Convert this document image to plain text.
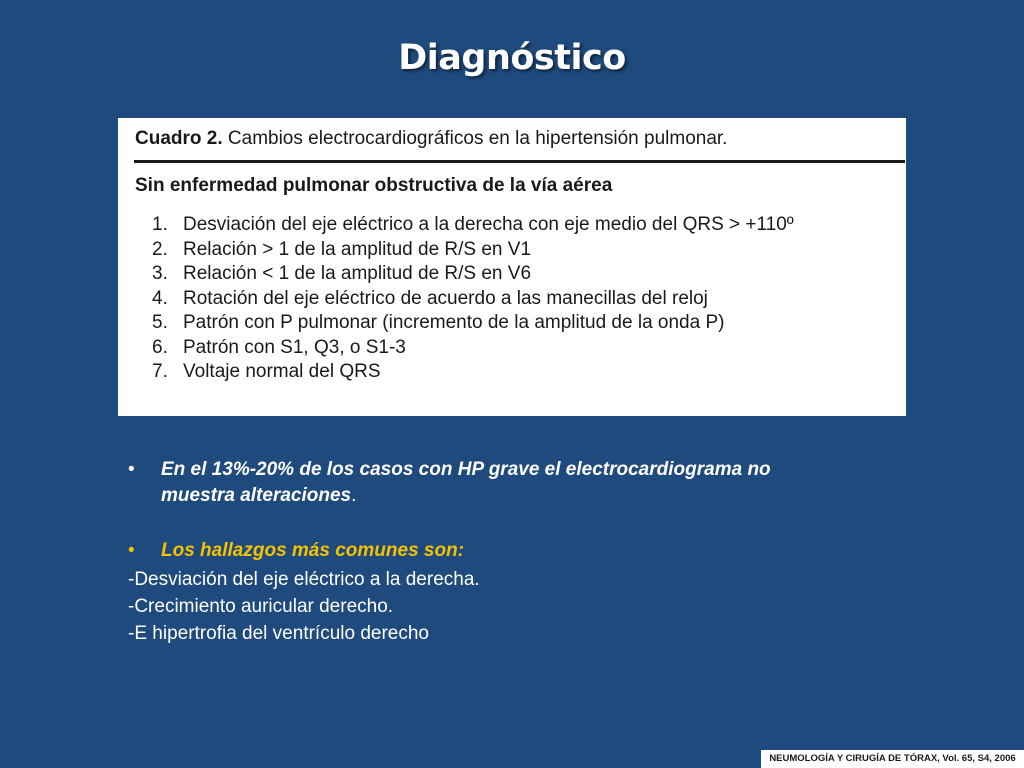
Diagnóstico
Cuadro 2. Cambios electrocardiográficos en la hipertensión pulmonar.
Sin enfermedad pulmonar obstructiva de la vía aérea
1. Desviación del eje eléctrico a la derecha con eje medio del QRS > +110º
2. Relación > 1 de la amplitud de R/S en V1
3. Relación < 1 de la amplitud de R/S en V6
4. Rotación del eje eléctrico de acuerdo a las manecillas del reloj
5. Patrón con P pulmonar (incremento de la amplitud de la onda P)
6. Patrón con S1, Q3, o S1-3
7. Voltaje normal del QRS
•	En el 13%-20% de los casos con HP grave el electrocardiograma no
muestra alteraciones.
•	Los hallazgos más comunes son:
-Desviación del eje eléctrico a la derecha.
-Crecimiento auricular derecho.
-E hipertrofia del ventrículo derecho
NEUMOLOGÍA Y CIRUGÍA DE TÓRAX, Vol. 65, S4, 2006
